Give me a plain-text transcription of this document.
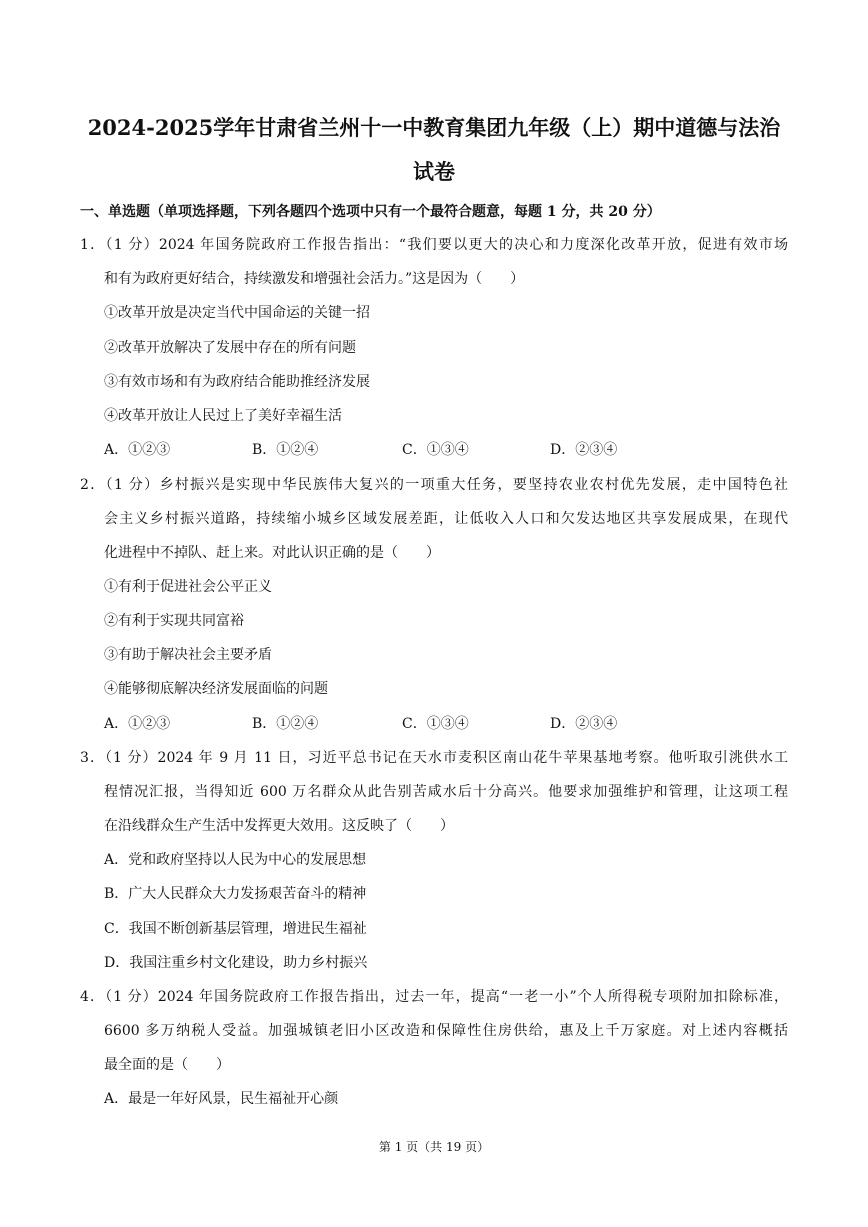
2024-2025学年甘肃省兰州十一中教育集团九年级（上）期中道德与法治
试卷
一、单选题（单项选择题，下列各题四个选项中只有一个最符合题意，每题 1 分，共 20 分）
1．（1 分）2024 年国务院政府工作报告指出：“我们要以更大的决心和力度深化改革开放，促进有效市场
和有为政府更好结合，持续激发和增强社会活力。”这是因为（　　）
①改革开放是决定当代中国命运的关键一招
②改革开放解决了发展中存在的所有问题
③有效市场和有为政府结合能助推经济发展
④改革开放让人民过上了美好幸福生活
A．①②③	B．①②④	C．①③④	D．②③④
2．（1 分）乡村振兴是实现中华民族伟大复兴的一项重大任务，要坚持农业农村优先发展，走中国特色社
会主义乡村振兴道路，持续缩小城乡区域发展差距，让低收入人口和欠发达地区共享发展成果，在现代
化进程中不掉队、赶上来。对此认识正确的是（　　）
①有利于促进社会公平正义
②有利于实现共同富裕
③有助于解决社会主要矛盾
④能够彻底解决经济发展面临的问题
A．①②③	B．①②④	C．①③④	D．②③④
3．（1 分）2024 年 9 月 11 日，习近平总书记在天水市麦积区南山花牛苹果基地考察。他听取引洮供水工
程情况汇报，当得知近 600 万名群众从此告别苦咸水后十分高兴。他要求加强维护和管理，让这项工程
在沿线群众生产生活中发挥更大效用。这反映了（　　）
A．党和政府坚持以人民为中心的发展思想
B．广大人民群众大力发扬艰苦奋斗的精神
C．我国不断创新基层管理，增进民生福祉
D．我国注重乡村文化建设，助力乡村振兴
4．（1 分）2024 年国务院政府工作报告指出，过去一年，提高“一老一小”个人所得税专项附加扣除标准，
6600 多万纳税人受益。加强城镇老旧小区改造和保障性住房供给，惠及上千万家庭。对上述内容概括
最全面的是（　　）
A．最是一年好风景，民生福祉开心颜
第 1 页（共 19 页）
